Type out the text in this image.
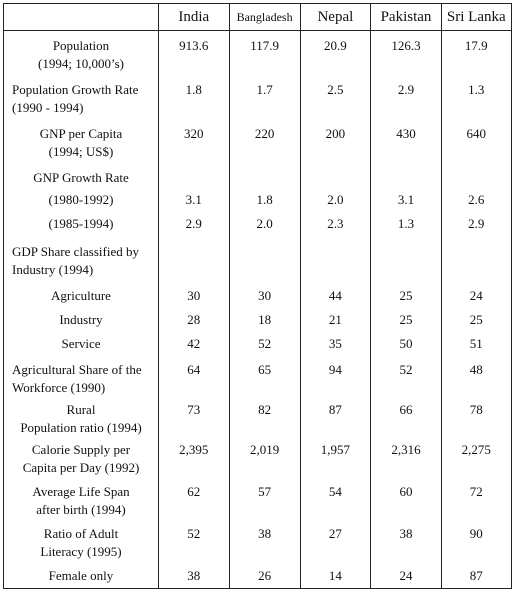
	India	Bangladesh	Nepal	Pakistan	Sri Lanka

Population
(1994; 10,000’s)	913.6	117.9	20.9	126.3	17.9

Population Growth Rate
(1990 - 1994)	1.8	1.7	2.5	2.9	1.3

GNP per Capita
(1994; US$)	320	220	200	430	640

GNP Growth Rate					

(1980-1992)	3.1	1.8	2.0	3.1	2.6

(1985-1994)	2.9	2.0	2.3	1.3	2.9

GDP Share classified by
Industry (1994)					

Agriculture	30	30	44	25	24

Industry	28	18	21	25	25

Service	42	52	35	50	51

Agricultural Share of the
Workforce (1990)	64	65	94	52	48

Rural
Population ratio (1994)	73	82	87	66	78

Calorie Supply per
Capita per Day (1992)	2,395	2,019	1,957	2,316	2,275

Average Life Span
after birth (1994)	62	57	54	60	72

Ratio of Adult
Literacy (1995)	52	38	27	38	90

Female only	38	26	14	24	87
